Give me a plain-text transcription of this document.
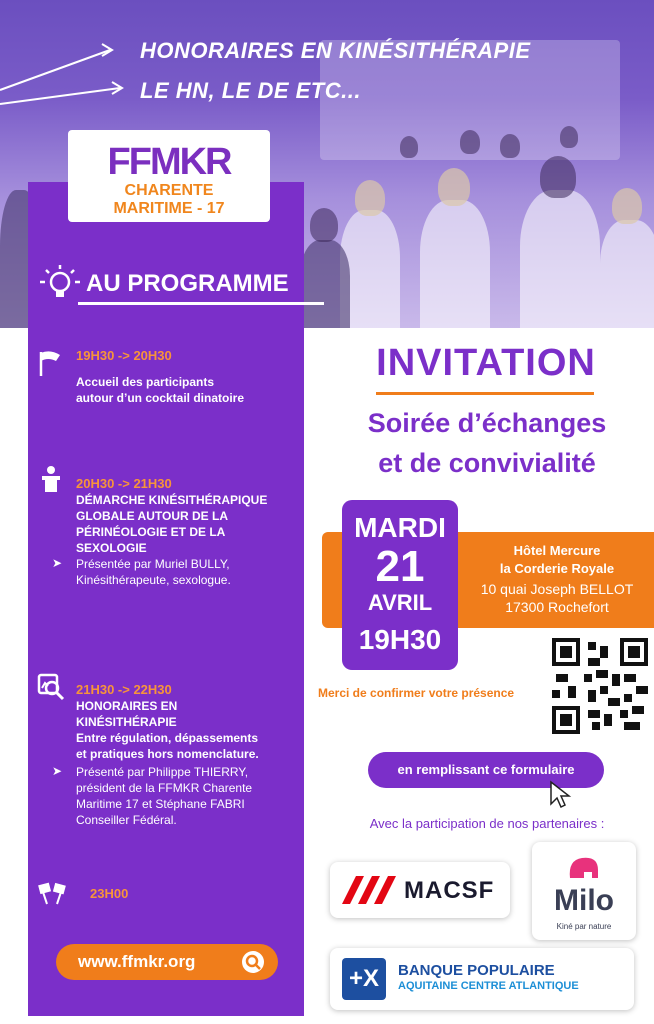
HONORAIRES EN KINÉSITHÉRAPIE
LE HN, LE DE ETC...
FFMKR
CHARENTE
MARITIME - 17
AU PROGRAMME
19H30 -> 20H30
Accueil des participants
autour d’un cocktail dinatoire
20H30 -> 21H30
DÉMARCHE KINÉSITHÉRAPIQUE
GLOBALE AUTOUR DE LA
PÉRINÉOLOGIE ET DE LA
SEXOLOGIE
➤ Présentée par Muriel BULLY,
Kinésithérapeute, sexologue.
21H30 -> 22H30
HONORAIRES EN
KINÉSITHÉRAPIE
Entre régulation, dépassements
et pratiques hors nomenclature.
➤ Présenté par Philippe THIERRY,
président de la FFMKR Charente
Maritime 17 et Stéphane FABRI
Conseiller Fédéral.
23H00
www.ffmkr.org
INVITATION
Soirée d’échanges
et de convivialité
Hôtel Mercure
la Corderie Royale
10 quai Joseph BELLOT
17300 Rochefort
MARDI
21
AVRIL
19H30
Merci de confirmer votre présence
en remplissant ce formulaire
Avec la participation de nos partenaires :
MACSF	Milo
Kiné par nature
+X	BANQUE POPULAIRE
AQUITAINE CENTRE ATLANTIQUE
